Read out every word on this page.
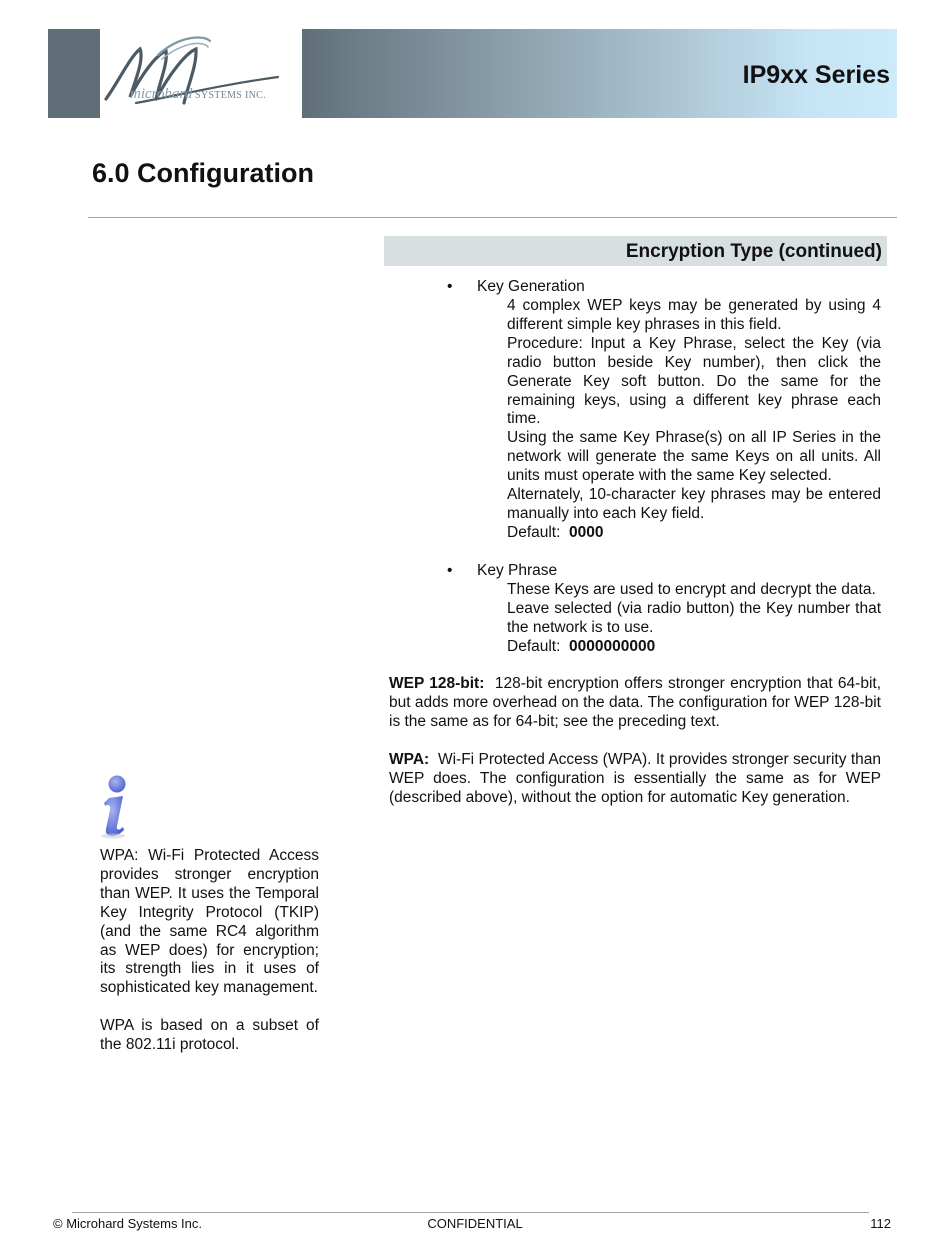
microhard SYSTEMS INC.
IP9xx Series
6.0 Configuration
Encryption Type (continued)
• Key Generation

4 complex WEP keys may be generated by using 4 different simple key phrases in this field.

Procedure: Input a Key Phrase, select the Key (via radio button beside Key number), then click the Generate Key soft button. Do the same for the remaining keys, using a different key phrase each time.

Using the same Key Phrase(s) on all IP Series in the network will generate the same Keys on all units. All units must operate with the same Key selected.

Alternately, 10-character key phrases may be entered manually into each Key field.

Default: 0000

• Key Phrase

These Keys are used to encrypt and decrypt the data.

Leave selected (via radio button) the Key number that the network is to use.

Default: 0000000000

WEP 128-bit: 128-bit encryption offers stronger encryption that 64-bit, but adds more overhead on the data. The configuration for WEP 128-bit is the same as for 64-bit; see the preceding text.

WPA: Wi-Fi Protected Access (WPA). It provides stronger security than WEP does. The configuration is essentially the same as for WEP (described above), without the option for automatic Key generation.

WPA: Wi-Fi Protected Access provides stronger encryption than WEP. It uses the Temporal Key Integrity Protocol (TKIP) (and the same RC4 algorithm as WEP does) for encryption; its strength lies in it uses of sophisticated key management.

WPA is based on a subset of the 802.11i protocol.

© Microhard Systems Inc.	CONFIDENTIAL	112
